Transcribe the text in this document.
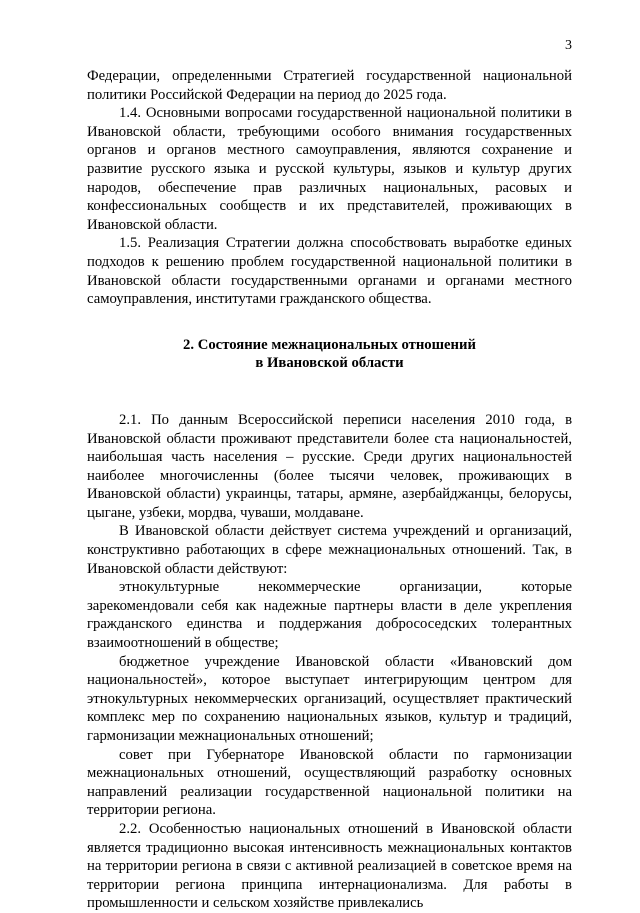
3

Федерации, определенными Стратегией государственной национальной политики Российской Федерации на период до 2025 года.

1.4. Основными вопросами государственной национальной политики в Ивановской области, требующими особого внимания государственных органов и органов местного самоуправления, являются сохранение и развитие русского языка и русской культуры, языков и культур других народов, обеспечение прав различных национальных, расовых и конфессиональных сообществ и их представителей, проживающих в Ивановской области.

1.5. Реализация Стратегии должна способствовать выработке единых подходов к решению проблем государственной национальной политики в Ивановской области государственными органами и органами местного самоуправления, институтами гражданского общества.

2. Состояние межнациональных отношений
в Ивановской области

2.1. По данным Всероссийской переписи населения 2010 года, в Ивановской области проживают представители более ста национальностей, наибольшая часть населения – русские. Среди других национальностей наиболее многочисленны (более тысячи человек, проживающих в Ивановской области) украинцы, татары, армяне, азербайджанцы, белорусы, цыгане, узбеки, мордва, чуваши, молдаване.

В Ивановской области действует система учреждений и организаций, конструктивно работающих в сфере межнациональных отношений. Так, в Ивановской области действуют:

этнокультурные некоммерческие организации, которые зарекомендовали себя как надежные партнеры власти в деле укрепления гражданского единства и поддержания добрососедских толерантных взаимоотношений в обществе;

бюджетное учреждение Ивановской области «Ивановский дом национальностей», которое выступает интегрирующим центром для этнокультурных некоммерческих организаций, осуществляет практический комплекс мер по сохранению национальных языков, культур и традиций, гармонизации межнациональных отношений;

совет при Губернаторе Ивановской области по гармонизации межнациональных отношений, осуществляющий разработку основных направлений реализации государственной национальной политики на территории региона.

2.2. Особенностью национальных отношений в Ивановской области является традиционно высокая интенсивность межнациональных контактов на территории региона в связи с активной реализацией в советское время на территории региона принципа интернационализма. Для работы в промышленности и сельском хозяйстве привлекались
